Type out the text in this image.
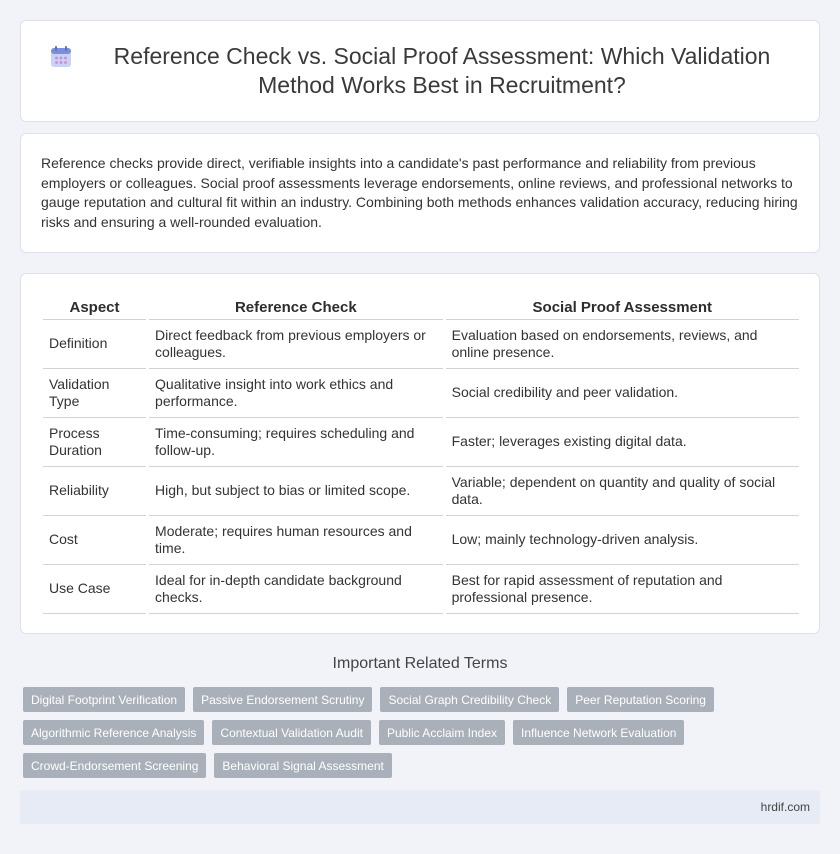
Reference Check vs. Social Proof Assessment: Which Validation Method Works Best in Recruitment?

Reference checks provide direct, verifiable insights into a candidate's past performance and reliability from previous employers or colleagues. Social proof assessments leverage endorsements, online reviews, and professional networks to gauge reputation and cultural fit within an industry. Combining both methods enhances validation accuracy, reducing hiring risks and ensuring a well-rounded evaluation.

Aspect	Reference Check	Social Proof Assessment
Definition	Direct feedback from previous employers or colleagues.	Evaluation based on endorsements, reviews, and online presence.
Validation Type	Qualitative insight into work ethics and performance.	Social credibility and peer validation.
Process Duration	Time-consuming; requires scheduling and follow-up.	Faster; leverages existing digital data.
Reliability	High, but subject to bias or limited scope.	Variable; dependent on quantity and quality of social data.
Cost	Moderate; requires human resources and time.	Low; mainly technology-driven analysis.
Use Case	Ideal for in-depth candidate background checks.	Best for rapid assessment of reputation and professional presence.
Important Related Terms
Digital Footprint Verification	Passive Endorsement Scrutiny	Social Graph Credibility Check	Peer Reputation Scoring
Algorithmic Reference Analysis	Contextual Validation Audit	Public Acclaim Index	Influence Network Evaluation
Crowd-Endorsement Screening	Behavioral Signal Assessment
hrdif.com
